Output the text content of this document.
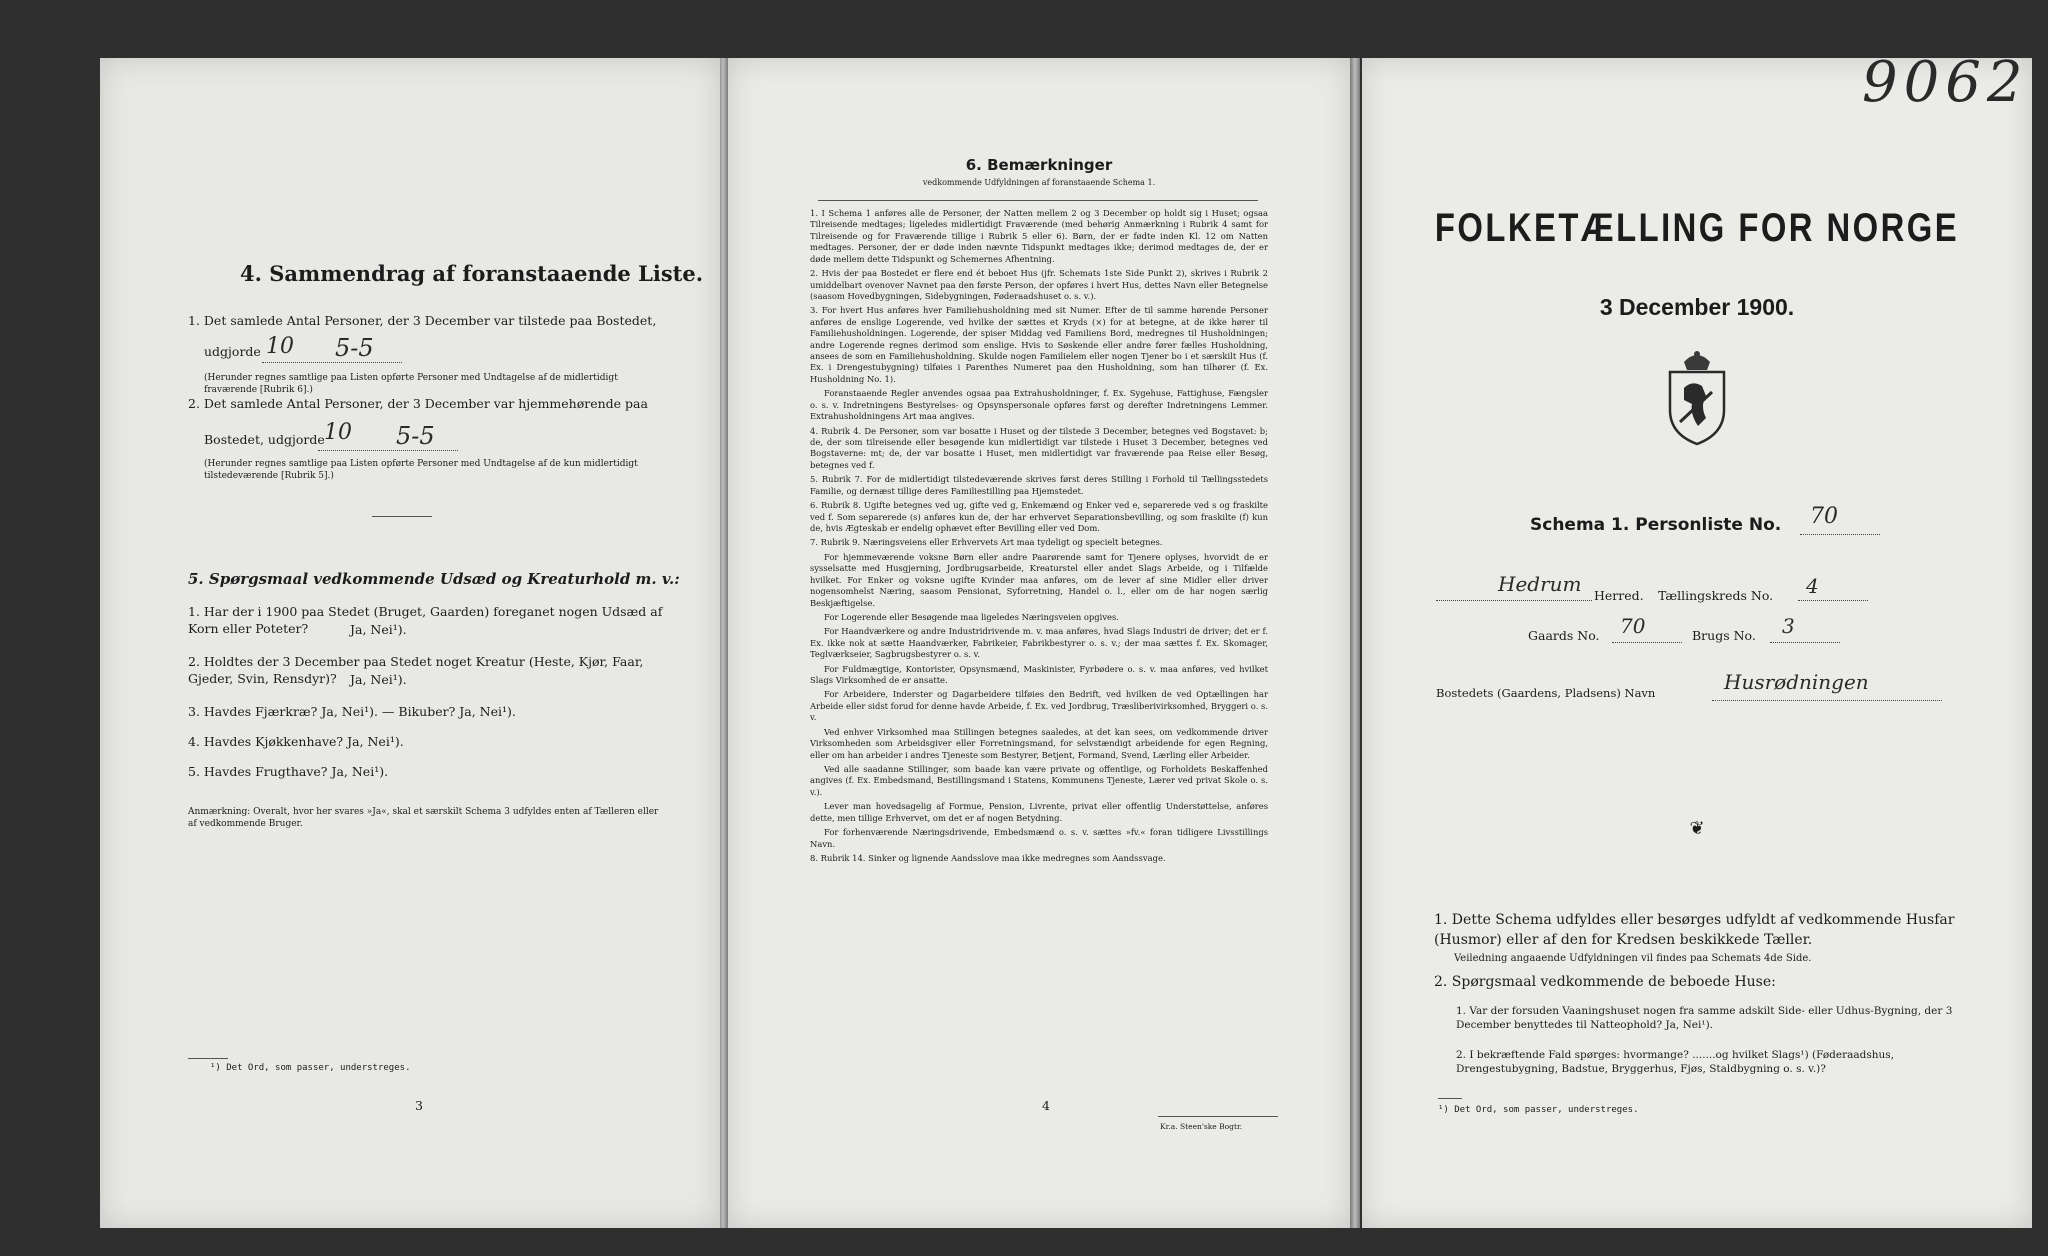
4. Sammendrag af foranstaaende Liste.
1. Det samlede Antal Personer, der 3 December var tilstede paa Bostedet,
udgjorde 10 5-5
(Herunder regnes samtlige paa Listen opførte Personer med Undtagelse af de midlertidigt fraværende [Rubrik 6].)
2. Det samlede Antal Personer, der 3 December var hjemmehørende paa
Bostedet, udgjorde 10 5-5
(Herunder regnes samtlige paa Listen opførte Personer med Undtagelse af de kun midlertidigt tilstedeværende [Rubrik 5].)
5. Spørgsmaal vedkommende Udsæd og Kreaturhold m. v.:
1. Har der i 1900 paa Stedet (Bruget, Gaarden) foreganet nogen Udsæd af Korn eller Poteter?	Ja, Nei¹).
2. Holdtes der 3 December paa Stedet noget Kreatur (Heste, Kjør, Faar, Gjeder, Svin, Rensdyr)?	Ja, Nei¹).
3. Havdes Fjærkræ? Ja, Nei¹). — Bikuber? Ja, Nei¹).
4. Havdes Kjøkkenhave? Ja, Nei¹).
5. Havdes Frugthave? Ja, Nei¹).
Anmærkning: Overalt, hvor her svares »Ja«, skal et særskilt Schema 3 udfyldes enten af Tælleren eller af vedkommende Bruger.
¹) Det Ord, som passer, understreges.
3
6. Bemærkninger
vedkommende Udfyldningen af foranstaaende Schema 1.

1. I Schema 1 anføres alle de Personer, der Natten mellem 2 og 3 December op holdt sig i Huset; ogsaa Tilreisende medtages; ligeledes midlertidigt Fraværende (med behørig Anmærkning i Rubrik 4 samt for Tilreisende og for Fraværende tillige i Rubrik 5 eller 6). Børn, der er fødte inden Kl. 12 om Natten medtages. Personer, der er døde inden nævnte Tidspunkt medtages ikke; derimod medtages de, der er døde mellem dette Tidspunkt og Schemernes Afhentning.

2. Hvis der paa Bostedet er flere end ét beboet Hus (jfr. Schemats 1ste Side Punkt 2), skrives i Rubrik 2 umiddelbart ovenover Navnet paa den første Person, der opføres i hvert Hus, dettes Navn eller Betegnelse (saasom Hovedbygningen, Sidebygningen, Føderaadshuset o. s. v.).

3. For hvert Hus anføres hver Familiehusholdning med sit Numer. Efter de til samme hørende Personer anføres de enslige Logerende, ved hvilke der sættes et Kryds (×) for at betegne, at de ikke hører til Familiehusholdningen. Logerende, der spiser Middag ved Familiens Bord, medregnes til Husholdningen; andre Logerende regnes derimod som enslige. Hvis to Søskende eller andre fører fælles Husholdning, ansees de som en Familiehusholdning. Skulde nogen Familielem eller nogen Tjener bo i et særskilt Hus (f. Ex. i Drengestubygning) tilføies i Parenthes Numeret paa den Husholdning, som han tilhører (f. Ex. Husholdning No. 1).

Foranstaaende Regler anvendes ogsaa paa Extrahusholdninger, f. Ex. Sygehuse, Fattighuse, Fængsler o. s. v. Indretningens Bestyrelses- og Opsynspersonale opføres først og derefter Indretningens Lemmer. Extrahusholdningens Art maa angives.

4. Rubrik 4. De Personer, som var bosatte i Huset og der tilstede 3 December, betegnes ved Bogstavet: b; de, der som tilreisende eller besøgende kun midlertidigt var tilstede i Huset 3 December, betegnes ved Bogstaverne: mt; de, der var bosatte i Huset, men midlertidigt var fraværende paa Reise eller Besøg, betegnes ved f.

5. Rubrik 7. For de midlertidigt tilstedeværende skrives først deres Stilling i Forhold til Tællingsstedets Familie, og dernæst tillige deres Familiestilling paa Hjemstedet.

6. Rubrik 8. Ugifte betegnes ved ug, gifte ved g, Enkemænd og Enker ved e, separerede ved s og fraskilte ved f. Som separerede (s) anføres kun de, der har erhvervet Separationsbevilling, og som fraskilte (f) kun de, hvis Ægteskab er endelig ophævet efter Bevilling eller ved Dom.

7. Rubrik 9. Næringsveiens eller Erhvervets Art maa tydeligt og specielt betegnes.

For hjemmeværende voksne Børn eller andre Paarørende samt for Tjenere oplyses, hvorvidt de er sysselsatte med Husgjerning, Jordbrugsarbeide, Kreaturstel eller andet Slags Arbeide, og i Tilfælde hvilket. For Enker og voksne ugifte Kvinder maa anføres, om de lever af sine Midler eller driver nogensomhelst Næring, saasom Pensionat, Syforretning, Handel o. l., eller om de har nogen særlig Beskjæftigelse.

For Logerende eller Besøgende maa ligeledes Næringsveien opgives.

For Haandværkere og andre Industridrivende m. v. maa anføres, hvad Slags Industri de driver; det er f. Ex. ikke nok at sætte Haandværker, Fabrikeier, Fabrikbestyrer o. s. v.; der maa sættes f. Ex. Skomager, Teglværkseier, Sagbrugsbestyrer o. s. v.

For Fuldmægtige, Kontorister, Opsynsmænd, Maskinister, Fyrbødere o. s. v. maa anføres, ved hvilket Slags Virksomhed de er ansatte.

For Arbeidere, Inderster og Dagarbeidere tilføies den Bedrift, ved hvilken de ved Optællingen har Arbeide eller sidst forud for denne havde Arbeide, f. Ex. ved Jordbrug, Træsliberivirksomhed, Bryggeri o. s. v.

Ved enhver Virksomhed maa Stillingen betegnes saaledes, at det kan sees, om vedkommende driver Virksomheden som Arbeidsgiver eller Forretningsmand, for selvstændigt arbeidende for egen Regning, eller om han arbeider i andres Tjeneste som Bestyrer, Betjent, Formand, Svend, Lærling eller Arbeider.

Ved alle saadanne Stillinger, som baade kan være private og offentlige, og Forholdets Beskaffenhed angives (f. Ex. Embedsmand, Bestillingsmand i Statens, Kommunens Tjeneste, Lærer ved privat Skole o. s. v.).

Lever man hovedsagelig af Formue, Pension, Livrente, privat eller offentlig Understøttelse, anføres dette, men tillige Erhvervet, om det er af nogen Betydning.

For forhenværende Næringsdrivende, Embedsmænd o. s. v. sættes »fv.« foran tidligere Livsstillings Navn.

8. Rubrik 14. Sinker og lignende Aandsslove maa ikke medregnes som Aandssvage.

4
Kr.a. Steen'ske Bogtr.
9062
FOLKETÆLLING FOR NORGE
3 December 1900.
Schema 1. Personliste No. 70
Hedrum Herred. Tællingskreds No. 4
Gaards No. 70	Brugs No. 3
Bostedets (Gaardens, Pladsens) Navn	Husrødningen
❦
1. Dette Schema udfyldes eller besørges udfyldt af vedkommende Husfar (Husmor) eller af den for Kredsen beskikkede Tæller.
Veiledning angaaende Udfyldningen vil findes paa Schemats 4de Side.
2. Spørgsmaal vedkommende de beboede Huse:
1. Var der forsuden Vaaningshuset nogen fra samme adskilt Side- eller Udhus-Bygning, der 3 December benyttedes til Natteophold? Ja, Nei¹).
2. I bekræftende Fald spørges: hvormange? .......og hvilket Slags¹) (Føderaadshus, Drengestubygning, Badstue, Bryggerhus, Fjøs, Staldbygning o. s. v.)?
¹) Det Ord, som passer, understreges.
